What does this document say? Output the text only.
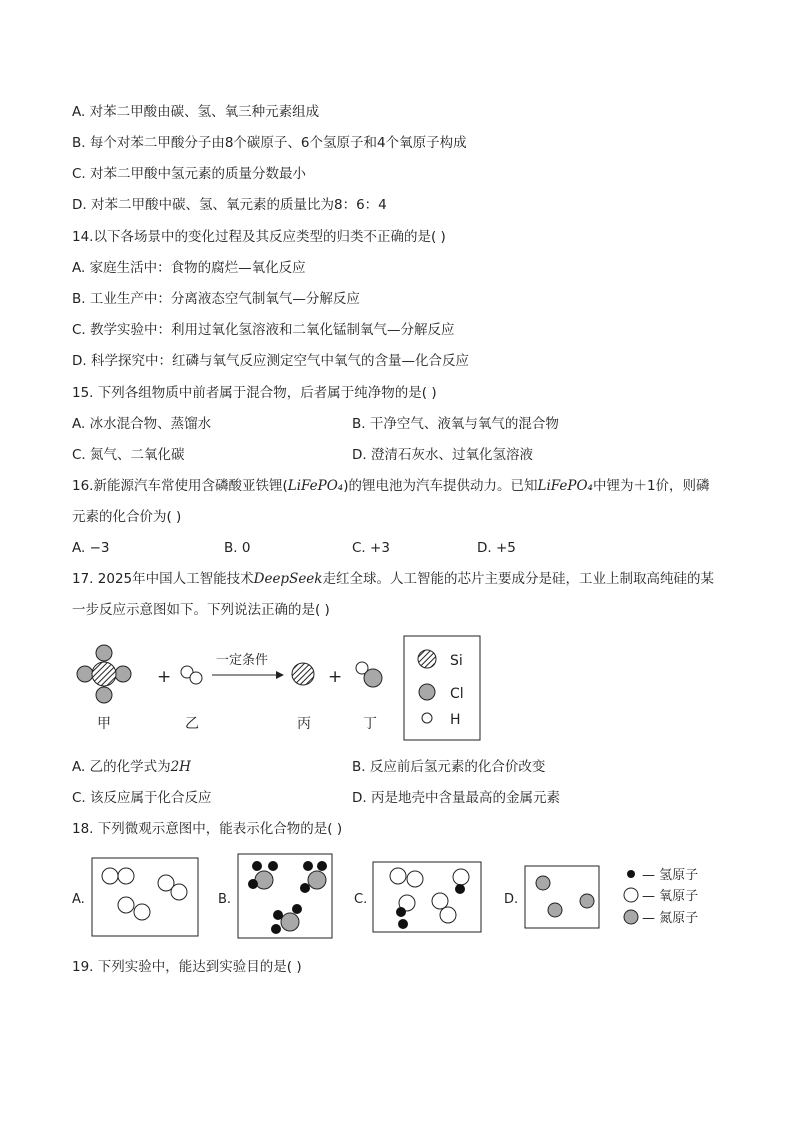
A. 对苯二甲酸由碳、氢、氧三种元素组成
B. 每个对苯二甲酸分子由8个碳原子、6个氢原子和4个氧原子构成
C. 对苯二甲酸中氢元素的质量分数最小
D. 对苯二甲酸中碳、氢、氧元素的质量比为8：6：4
14.以下各场景中的变化过程及其反应类型的归类不正确的是( )
A. 家庭生活中：食物的腐烂—氧化反应
B. 工业生产中：分离液态空气制氧气—分解反应
C. 教学实验中：利用过氧化氢溶液和二氧化锰制氧气—分解反应
D. 科学探究中：红磷与氧气反应测定空气中氧气的含量—化合反应
15. 下列各组物质中前者属于混合物，后者属于纯净物的是( )
A. 冰水混合物、蒸馏水	B. 干净空气、液氧与氧气的混合物
C. 氮气、二氧化碳	D. 澄清石灰水、过氧化氢溶液
16.新能源汽车常使用含磷酸亚铁锂(LiFePO₄)的锂电池为汽车提供动力。已知LiFePO₄中锂为＋1价，则磷
元素的化合价为( )
A. −3	B. 0	C. +3	D. +5
17. 2025年中国人工智能技术DeepSeek走红全球。人工智能的芯片主要成分是硅，工业上制取高纯硅的某
一步反应示意图如下。下列说法正确的是( )
+
一定条件
+
甲	乙	丙	丁
Si
Cl
H
A. 乙的化学式为2H	B. 反应前后氢元素的化合价改变
C. 该反应属于化合反应	D. 丙是地壳中含量最高的金属元素
18. 下列微观示意图中，能表示化合物的是( )
A.	B.	C.	D.
— 氢原子
— 氧原子
— 氮原子
19. 下列实验中，能达到实验目的是( )
